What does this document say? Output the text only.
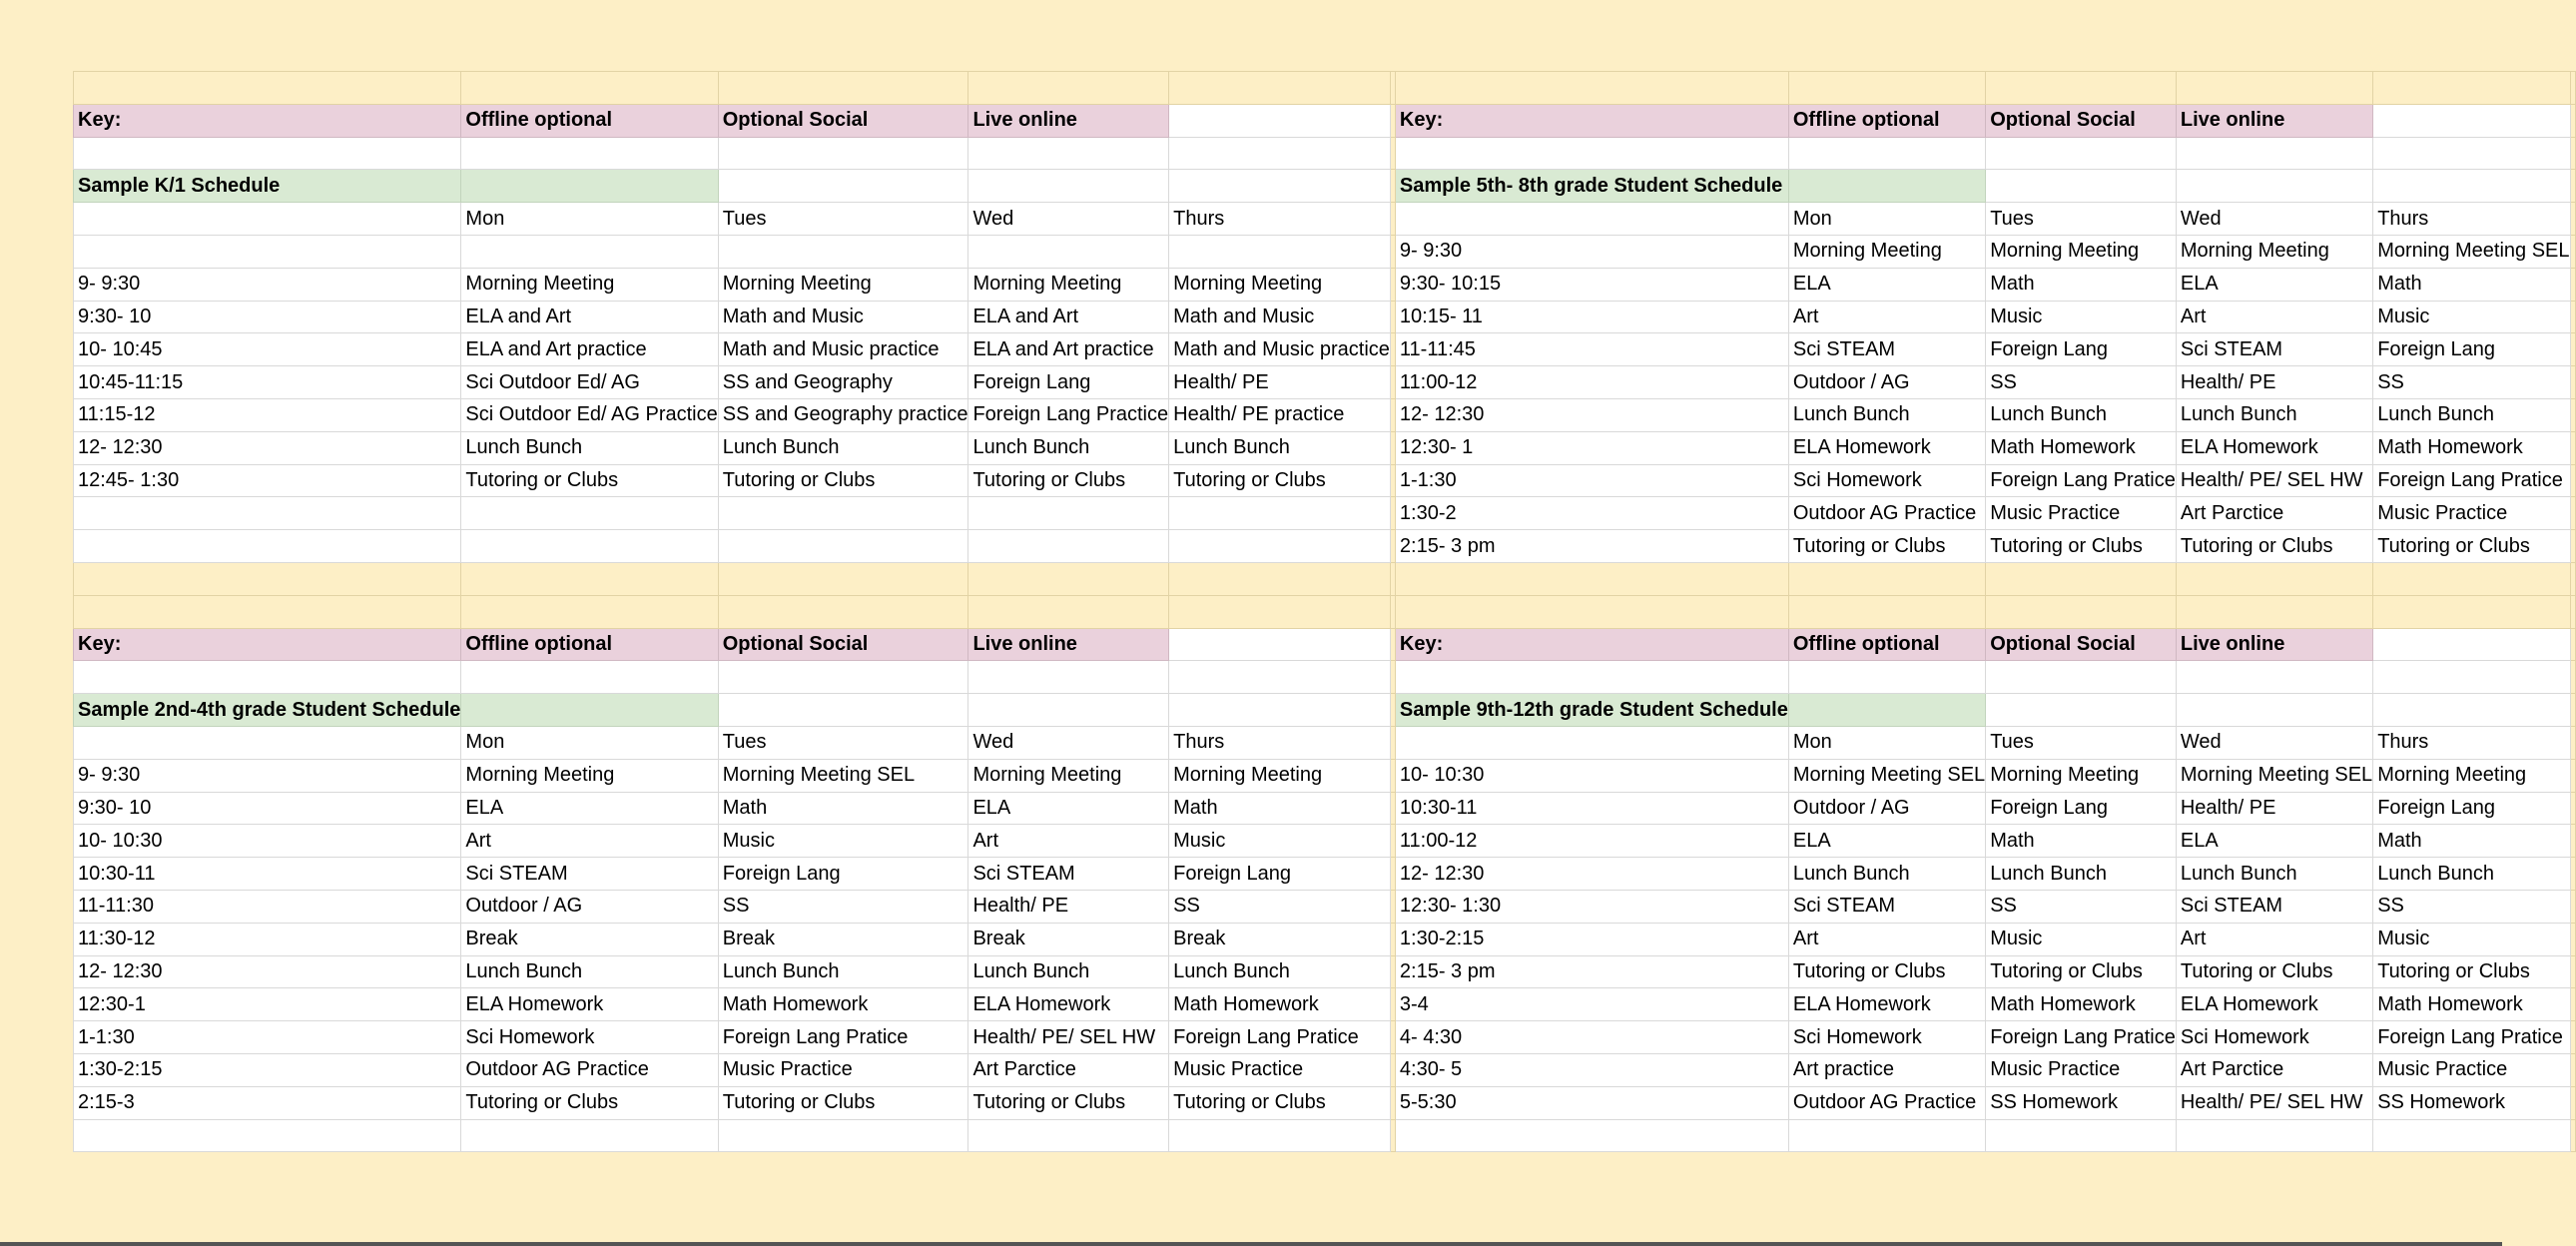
Key:	Offline optional	Optional Social	Live online			Key:	Offline optional	Optional Social	Live online		

Sample K/1 Schedule						Sample 5th- 8th grade Student Schedule					
	Mon	Tues	Wed	Thurs			Mon	Tues	Wed	Thurs	
						9- 9:30	Morning Meeting	Morning Meeting	Morning Meeting	Morning Meeting SEL	
9- 9:30	Morning Meeting	Morning Meeting	Morning Meeting	Morning Meeting		9:30- 10:15	ELA	Math	ELA	Math	
9:30- 10	ELA and Art	Math and Music	ELA and Art	Math and Music		10:15- 11	Art	Music	Art	Music	
10- 10:45	ELA and Art practice	Math and Music practice	ELA and Art practice	Math and Music practice		11-11:45	Sci STEAM	Foreign Lang	Sci STEAM	Foreign Lang	
10:45-11:15	Sci Outdoor Ed/ AG	SS and Geography	Foreign Lang	Health/ PE		11:00-12	Outdoor / AG	SS	Health/ PE	SS	
11:15-12	Sci Outdoor Ed/ AG Practice	SS and Geography practice	Foreign Lang Practice	Health/ PE practice		12- 12:30	Lunch Bunch	Lunch Bunch	Lunch Bunch	Lunch Bunch	
12- 12:30	Lunch Bunch	Lunch Bunch	Lunch Bunch	Lunch Bunch		12:30- 1	ELA Homework	Math Homework	ELA Homework	Math Homework	
12:45- 1:30	Tutoring or Clubs	Tutoring or Clubs	Tutoring or Clubs	Tutoring or Clubs		1-1:30	Sci Homework	Foreign Lang Pratice	Health/ PE/ SEL HW	Foreign Lang Pratice	
						1:30-2	Outdoor AG Practice	Music Practice	Art Parctice	Music Practice	
						2:15- 3 pm	Tutoring or Clubs	Tutoring or Clubs	Tutoring or Clubs	Tutoring or Clubs	

Key:	Offline optional	Optional Social	Live online			Key:	Offline optional	Optional Social	Live online		

Sample 2nd-4th grade Student Schedule						Sample 9th-12th grade Student Schedule					
	Mon	Tues	Wed	Thurs			Mon	Tues	Wed	Thurs	
9- 9:30	Morning Meeting	Morning Meeting SEL	Morning Meeting	Morning Meeting		10- 10:30	Morning Meeting SEL	Morning Meeting	Morning Meeting SEL	Morning Meeting	
9:30- 10	ELA	Math	ELA	Math		10:30-11	Outdoor / AG	Foreign Lang	Health/ PE	Foreign Lang	
10- 10:30	Art	Music	Art	Music		11:00-12	ELA	Math	ELA	Math	
10:30-11	Sci STEAM	Foreign Lang	Sci STEAM	Foreign Lang		12- 12:30	Lunch Bunch	Lunch Bunch	Lunch Bunch	Lunch Bunch	
11-11:30	Outdoor / AG	SS	Health/ PE	SS		12:30- 1:30	Sci STEAM	SS	Sci STEAM	SS	
11:30-12	Break	Break	Break	Break		1:30-2:15	Art	Music	Art	Music	
12- 12:30	Lunch Bunch	Lunch Bunch	Lunch Bunch	Lunch Bunch		2:15- 3 pm	Tutoring or Clubs	Tutoring or Clubs	Tutoring or Clubs	Tutoring or Clubs	
12:30-1	ELA Homework	Math Homework	ELA Homework	Math Homework		3-4	ELA Homework	Math Homework	ELA Homework	Math Homework	
1-1:30	Sci Homework	Foreign Lang Pratice	Health/ PE/ SEL HW	Foreign Lang Pratice		4- 4:30	Sci Homework	Foreign Lang Pratice	Sci Homework	Foreign Lang Pratice	
1:30-2:15	Outdoor AG Practice	Music Practice	Art Parctice	Music Practice		4:30- 5	Art practice	Music Practice	Art Parctice	Music Practice	
2:15-3	Tutoring or Clubs	Tutoring or Clubs	Tutoring or Clubs	Tutoring or Clubs		5-5:30	Outdoor AG Practice	SS Homework	Health/ PE/ SEL HW	SS Homework	
